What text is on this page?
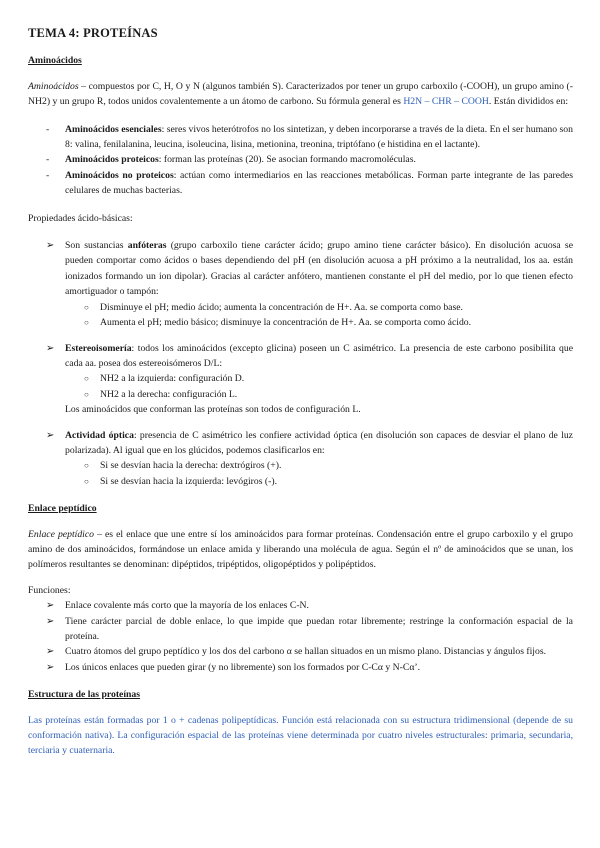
TEMA 4: PROTEÍNAS
Aminoácidos

Aminoácidos – compuestos por C, H, O y N (algunos también S). Caracterizados por tener un grupo carboxilo (-COOH), un grupo amino (-NH2) y un grupo R, todos unidos covalentemente a un átomo de carbono. Su fórmula general es H2N – CHR – COOH. Están divididos en:

- Aminoácidos esenciales: seres vivos heterótrofos no los sintetizan, y deben incorporarse a través de la dieta. En el ser humano son 8: valina, fenilalanina, leucina, isoleucina, lisina, metionina, treonina, triptófano (e histidina en el lactante).
- Aminoácidos proteicos: forman las proteínas (20). Se asocian formando macromoléculas.
- Aminoácidos no proteicos: actúan como intermediarios en las reacciones metabólicas. Forman parte integrante de las paredes celulares de muchas bacterias.

Propiedades ácido-básicas:

➢ Son sustancias anfóteras (grupo carboxilo tiene carácter ácido; grupo amino tiene carácter básico). En disolución acuosa se pueden comportar como ácidos o bases dependiendo del pH (en disolución acuosa a pH próximo a la neutralidad, los aa. están ionizados formando un ion dipolar). Gracias al carácter anfótero, mantienen constante el pH del medio, por lo que tienen efecto amortiguador o tampón:
○ Disminuye el pH; medio ácido; aumenta la concentración de H+. Aa. se comporta como base.
○ Aumenta el pH; medio básico; disminuye la concentración de H+. Aa. se comporta como ácido.
➢ Estereoisomería: todos los aminoácidos (excepto glicina) poseen un C asimétrico. La presencia de este carbono posibilita que cada aa. posea dos estereoisómeros D/L:
○ NH2 a la izquierda: configuración D.
○ NH2 a la derecha: configuración L.

Los aminoácidos que conforman las proteínas son todos de configuración L.

➢ Actividad óptica: presencia de C asimétrico les confiere actividad óptica (en disolución son capaces de desviar el plano de luz polarizada). Al igual que en los glúcidos, podemos clasificarlos en:
○ Si se desvían hacia la derecha: dextrógiros (+).
○ Si se desvían hacia la izquierda: levógiros (-).
Enlace peptídico

Enlace peptídico – es el enlace que une entre sí los aminoácidos para formar proteínas. Condensación entre el grupo carboxilo y el grupo amino de dos aminoácidos, formándose un enlace amida y liberando una molécula de agua. Según el nº de aminoácidos que se unan, los polímeros resultantes se denominan: dipéptidos, tripéptidos, oligopéptidos y polipéptidos.

Funciones:

➢ Enlace covalente más corto que la mayoría de los enlaces C-N.
➢ Tiene carácter parcial de doble enlace, lo que impide que puedan rotar libremente; restringe la conformación espacial de la proteína.
➢ Cuatro átomos del grupo peptídico y los dos del carbono α se hallan situados en un mismo plano. Distancias y ángulos fijos.
➢ Los únicos enlaces que pueden girar (y no libremente) son los formados por C-Cα y N-Cα’.
Estructura de las proteínas

Las proteínas están formadas por 1 o + cadenas polipeptídicas. Función está relacionada con su estructura tridimensional (depende de su conformación nativa). La configuración espacial de las proteínas viene determinada por cuatro niveles estructurales: primaria, secundaria, terciaria y cuaternaria.
